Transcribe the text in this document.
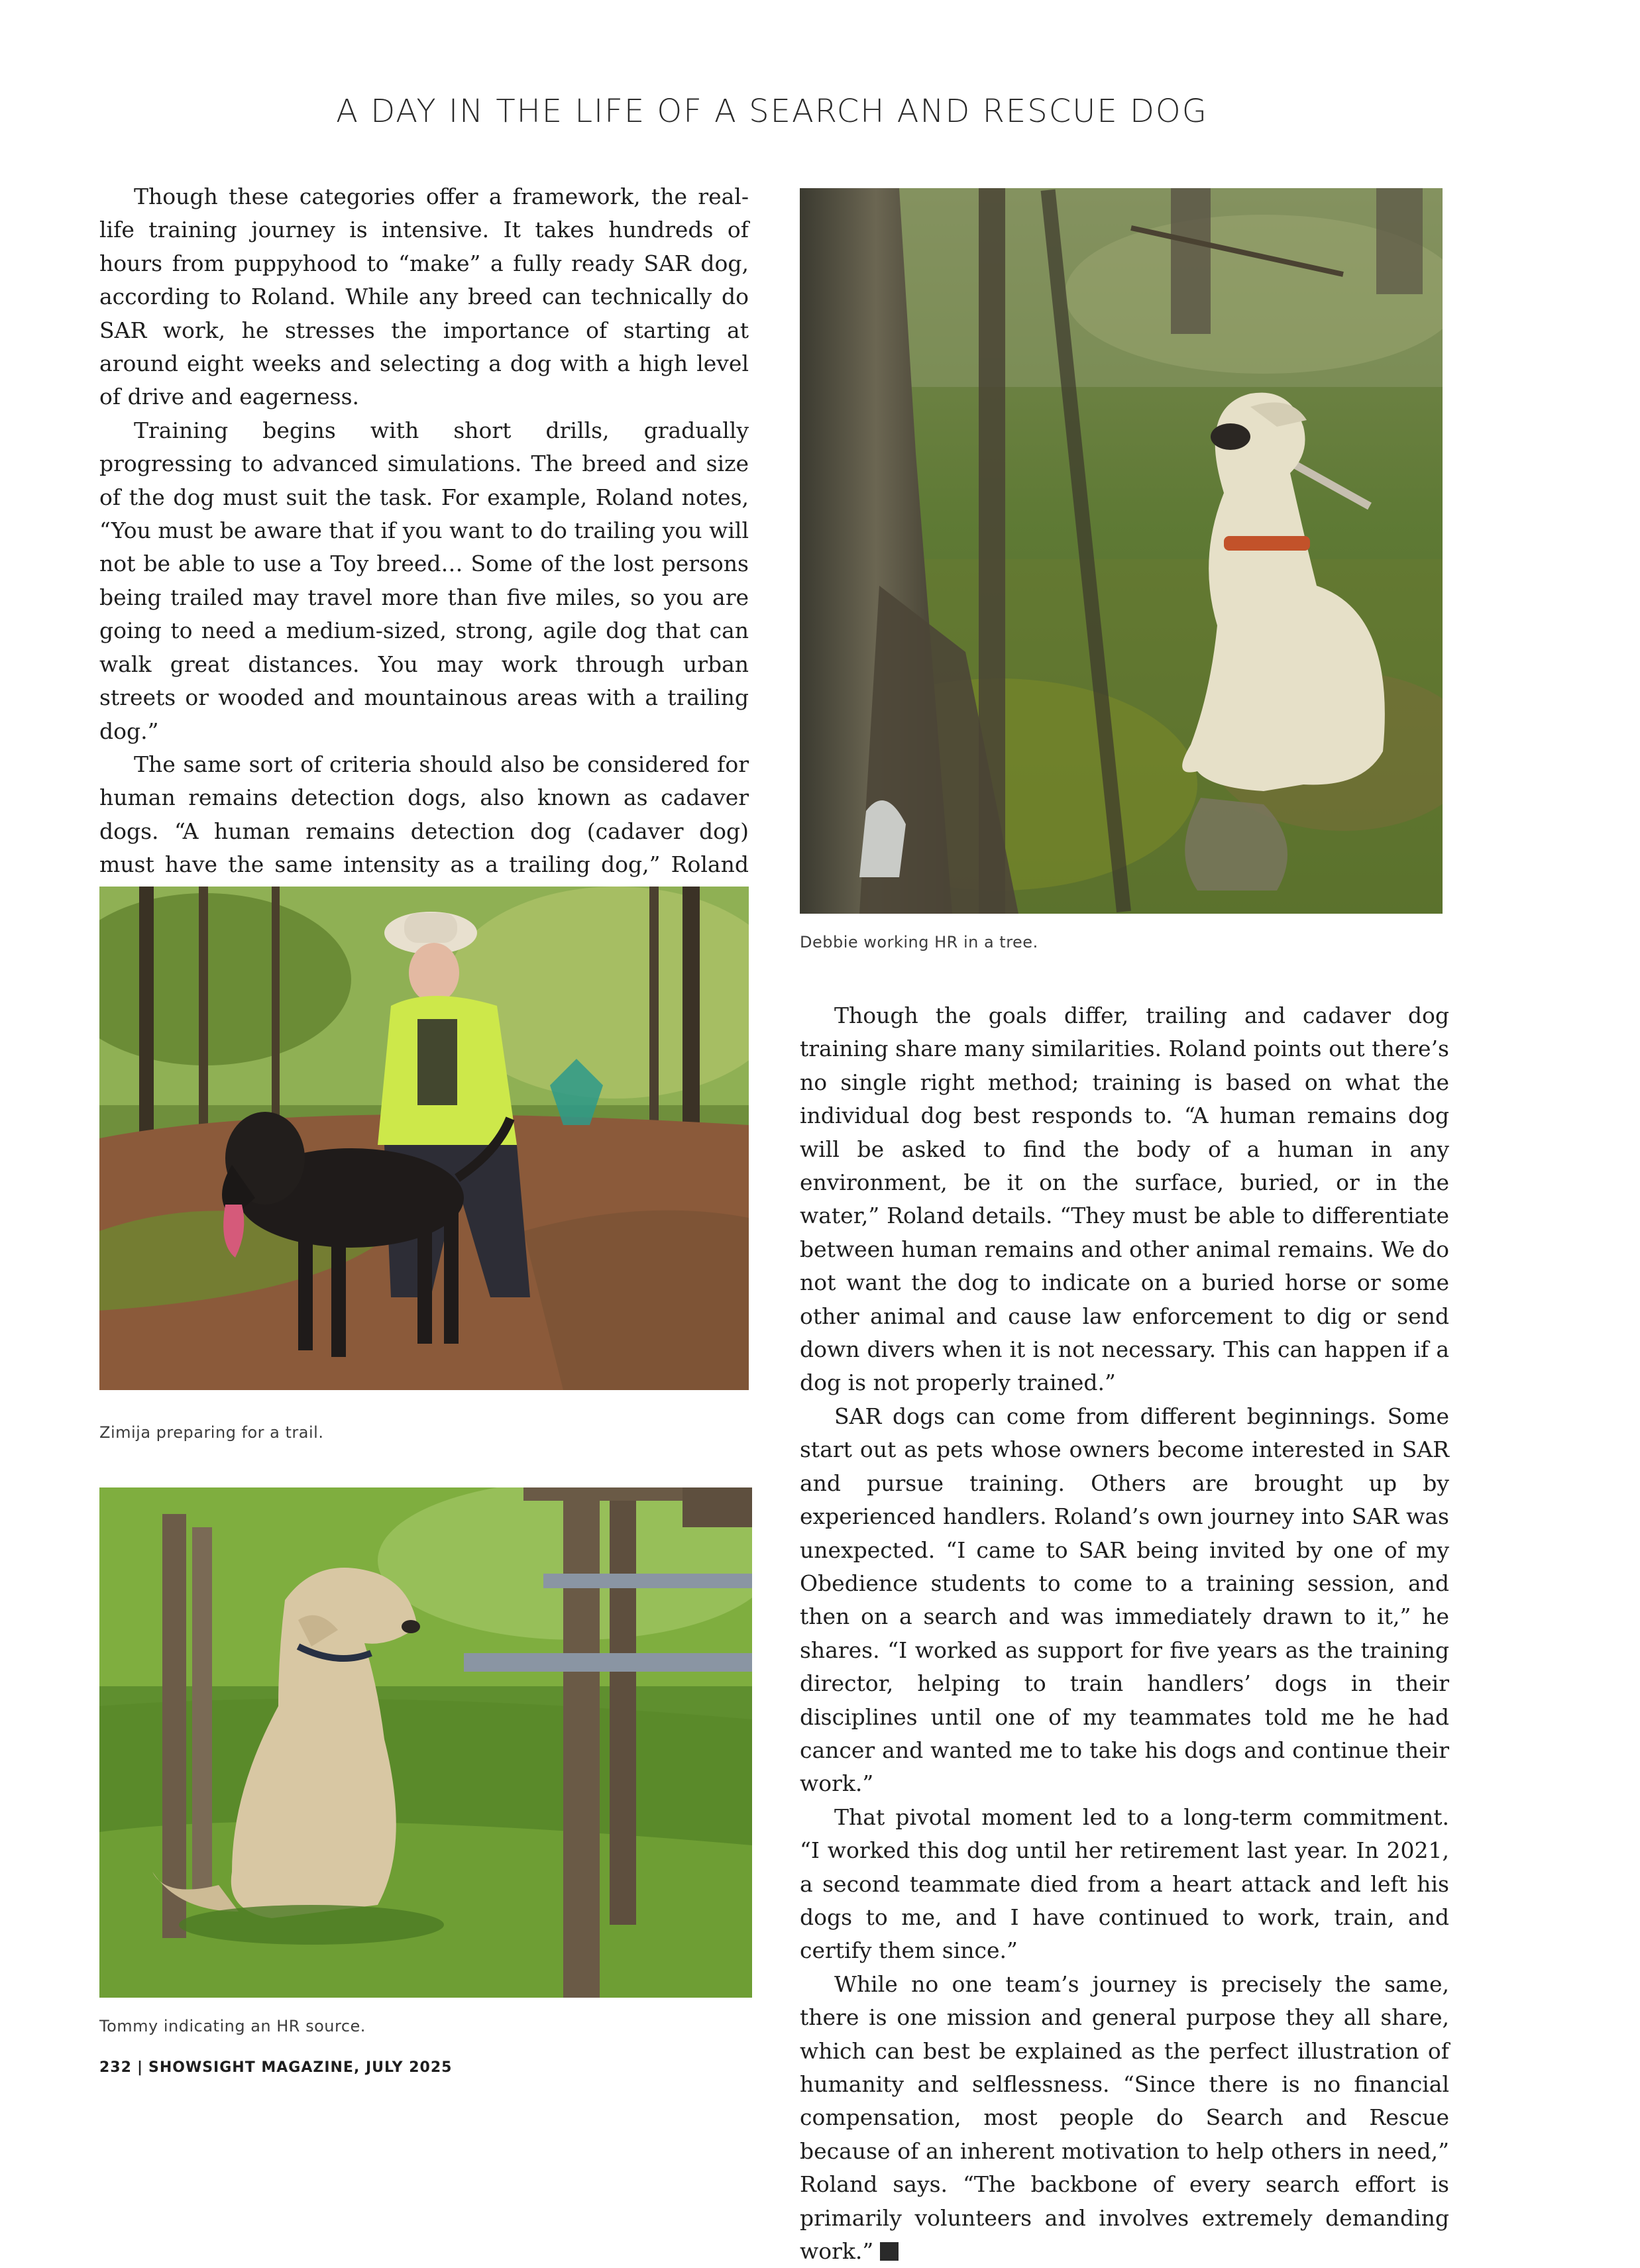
A DAY IN THE LIFE OF A SEARCH AND RESCUE DOG

Though these categories offer a framework, the real-life training journey is intensive. It takes hundreds of hours from puppyhood to “make” a fully ready SAR dog, according to Roland. While any breed can technically do SAR work, he stresses the importance of starting at around eight weeks and selecting a dog with a high level of drive and eagerness.

Training begins with short drills, gradually progressing to advanced simulations. The breed and size of the dog must suit the task. For example, Roland notes, “You must be aware that if you want to do trailing you will not be able to use a Toy breed… Some of the lost persons being trailed may travel more than five miles, so you are going to need a medium-sized, strong, agile dog that can walk great distances. You may work through urban streets or wooded and mountainous areas with a trailing dog.”

The same sort of criteria should also be considered for human remains detection dogs, also known as cadaver dogs. “A human remains detection dog (cadaver dog) must have the same intensity as a trailing dog,” Roland

Debbie working HR in a tree.

Though the goals differ, trailing and cadaver dog training share many similarities. Roland points out there’s no single right method; training is based on what the individual dog best responds to. “A human remains dog will be asked to find the body of a human in any environment, be it on the surface, buried, or in the water,” Roland details. “They must be able to differentiate between human remains and other animal remains. We do not want the dog to indicate on a buried horse or some other animal and cause law enforcement to dig or send down divers when it is not necessary. This can happen if a dog is not properly trained.”

SAR dogs can come from different beginnings. Some start out as pets whose owners become interested in SAR and pursue training. Others are brought up by experienced handlers. Roland’s own journey into SAR was unexpected. “I came to SAR being invited by one of my Obedience students to come to a training session, and then on a search and was immediately drawn to it,” he shares. “I worked as support for five years as the training director, helping to train handlers’ dogs in their disciplines until one of my teammates told me he had cancer and wanted me to take his dogs and continue their work.”

That pivotal moment led to a long-term commitment. “I worked this dog until her retirement last year. In 2021, a second teammate died from a heart attack and left his dogs to me, and I have continued to work, train, and certify them since.”

While no one team’s journey is precisely the same, there is one mission and general purpose they all share, which can best be explained as the perfect illustration of humanity and selflessness. “Since there is no financial compensation, most people do Search and Rescue because of an inherent motivation to help others in need,” Roland says. “The backbone of every search effort is primarily volunteers and involves extremely demanding work.”

Zimija preparing for a trail.
Tommy indicating an HR source.
232 | SHOWSIGHT MAGAZINE, JULY 2025
